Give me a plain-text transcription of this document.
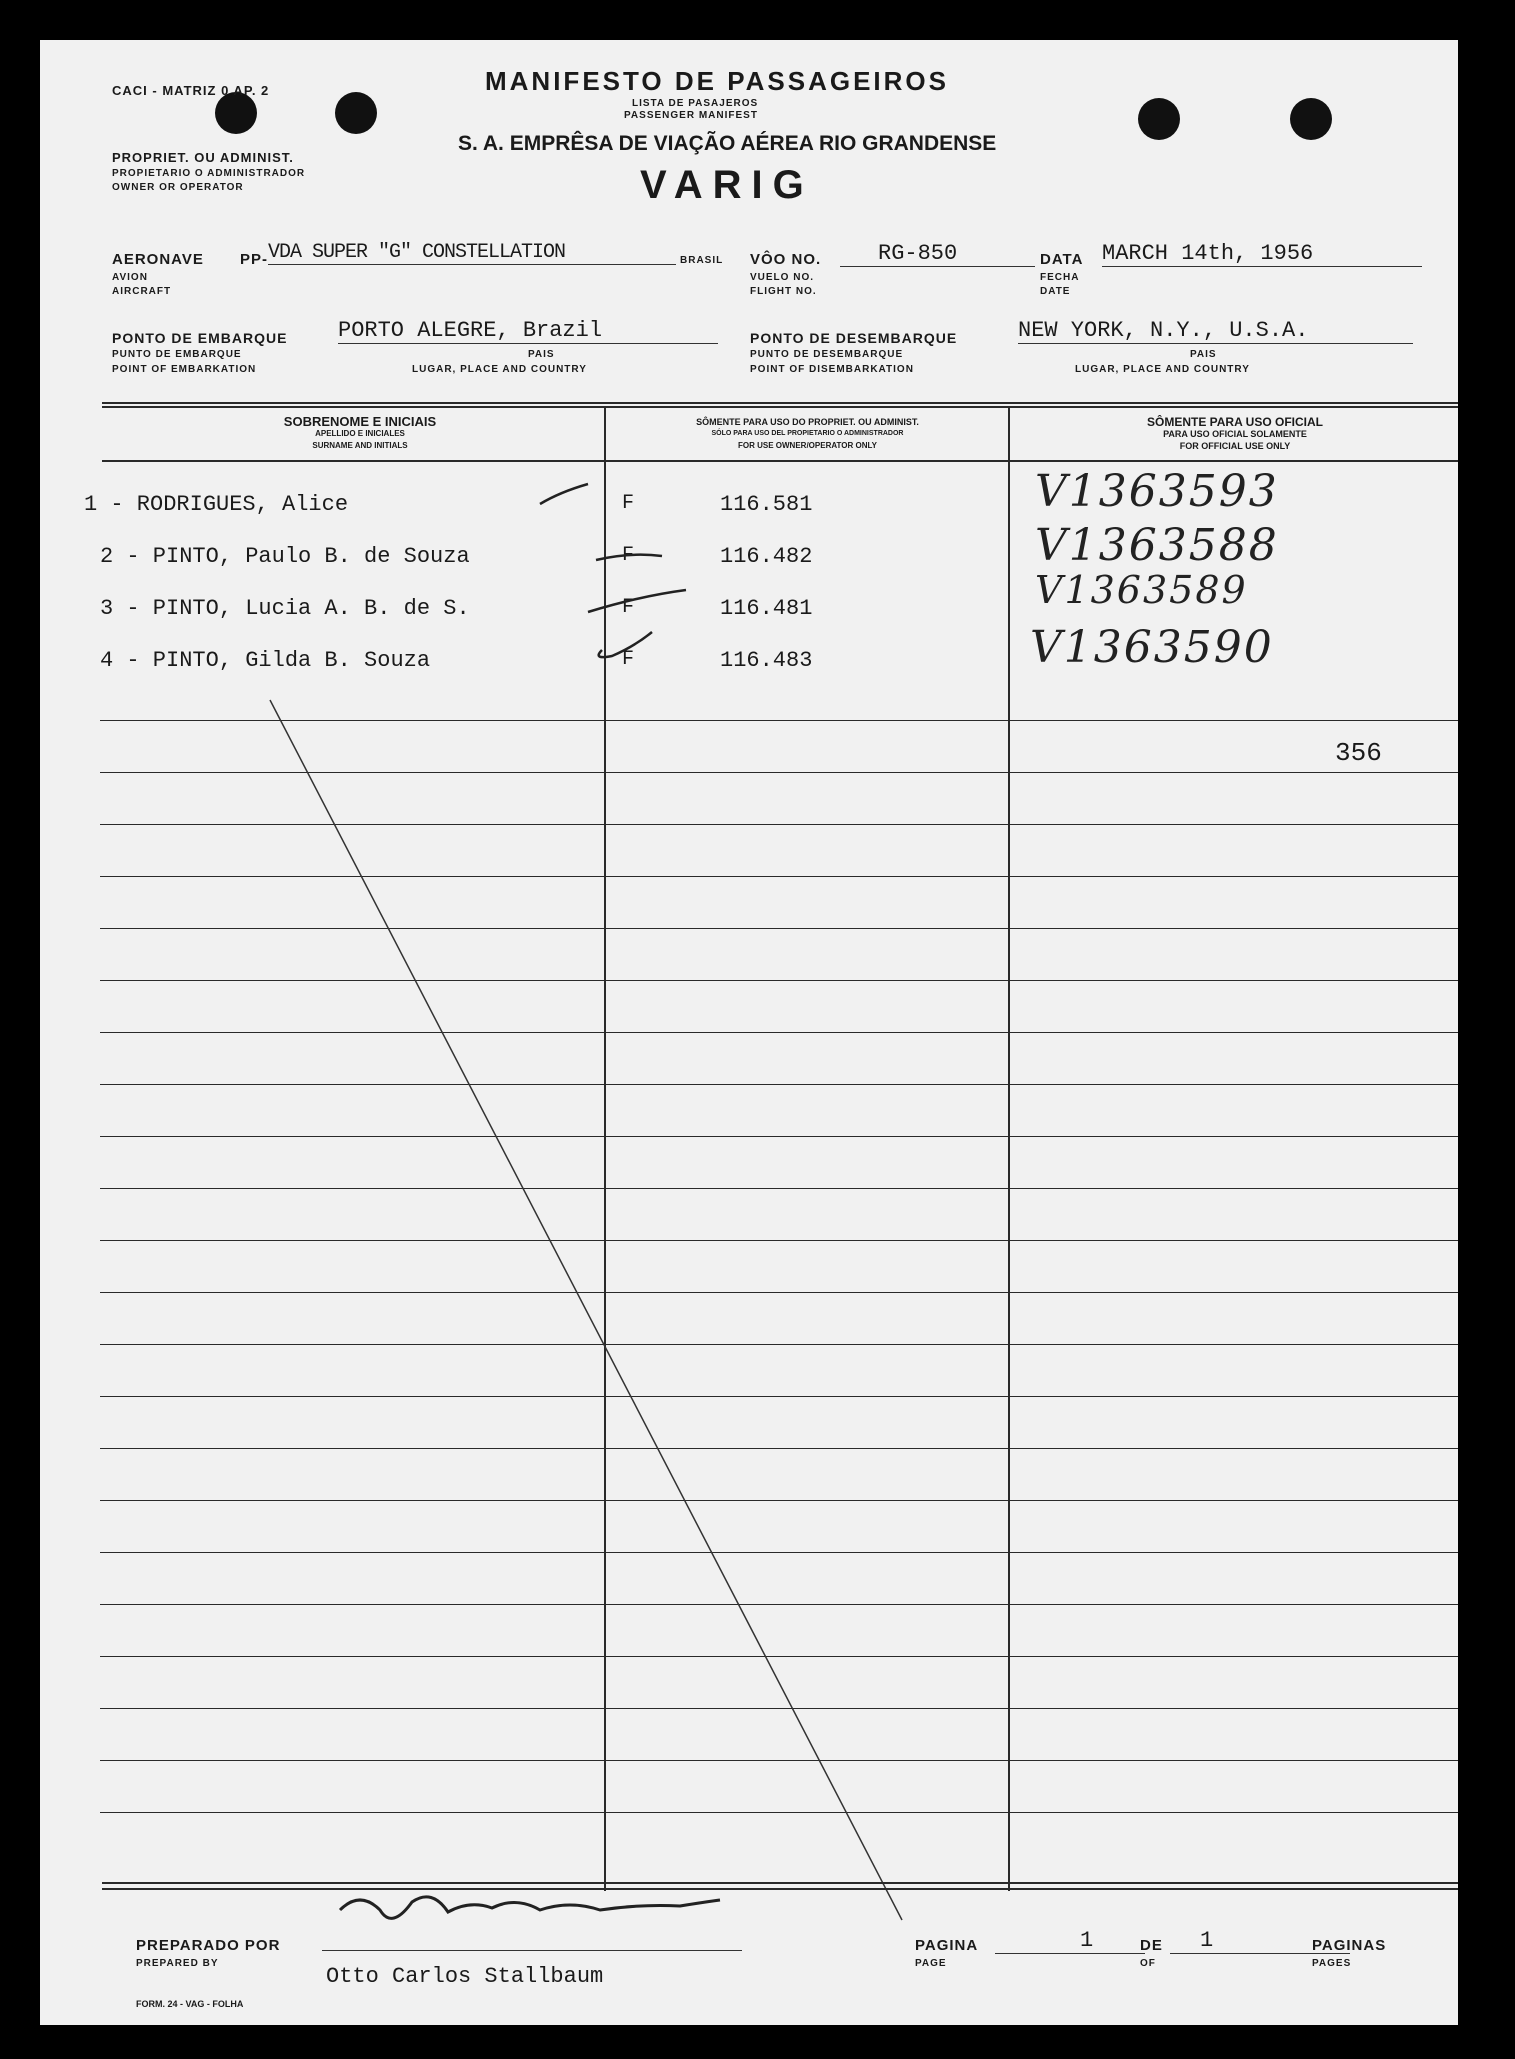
CACI - MATRIZ 0 AP. 2
PROPRIET. OU ADMINIST.
PROPIETARIO O ADMINISTRADOR
OWNER OR OPERATOR
MANIFESTO DE PASSAGEIROS
LISTA DE PASAJEROS
PASSENGER MANIFEST
S. A. EMPRÊSA DE VIAÇÃO AÉREA RIO GRANDENSE
VARIG
AERONAVE
AVION
AIRCRAFT
PP- VDA SUPER "G" CONSTELLATION	BRASIL VÔO NO.
VUELO NO.
FLIGHT NO.
RG-850	DATA
FECHA
DATE
MARCH 14th, 1956
PONTO DE EMBARQUE
PUNTO DE EMBARQUE
POINT OF EMBARKATION
PORTO ALEGRE, Brazil
PAIS
LUGAR, PLACE AND COUNTRY
PONTO DE DESEMBARQUE
PUNTO DE DESEMBARQUE
POINT OF DISEMBARKATION
NEW YORK, N.Y., U.S.A.
PAIS
LUGAR, PLACE AND COUNTRY
SOBRENOME E INICIAIS
APELLIDO E INICIALES
SURNAME AND INITIALS
SÔMENTE PARA USO DO PROPRIET. OU ADMINIST.
SÓLO PARA USO DEL PROPIETARIO O ADMINISTRADOR
FOR USE OWNER/OPERATOR ONLY
SÔMENTE PARA USO OFICIAL
PARA USO OFICIAL SOLAMENTE
FOR OFFICIAL USE ONLY
1 - RODRIGUES, Alice	F	116.581	V1363593
2 - PINTO, Paulo B. de Souza	F	116.482	V1363588
3 - PINTO, Lucia A. B. de S.	F	116.481	V1363589
4 - PINTO, Gilda B. Souza	F	116.483	V1363590
356
PREPARADO POR
PREPARED BY
Otto Carlos Stallbaum
PAGINA
PAGE
1	DE
OF
1	PAGINAS
PAGES
FORM. 24 - VAG - FOLHA
